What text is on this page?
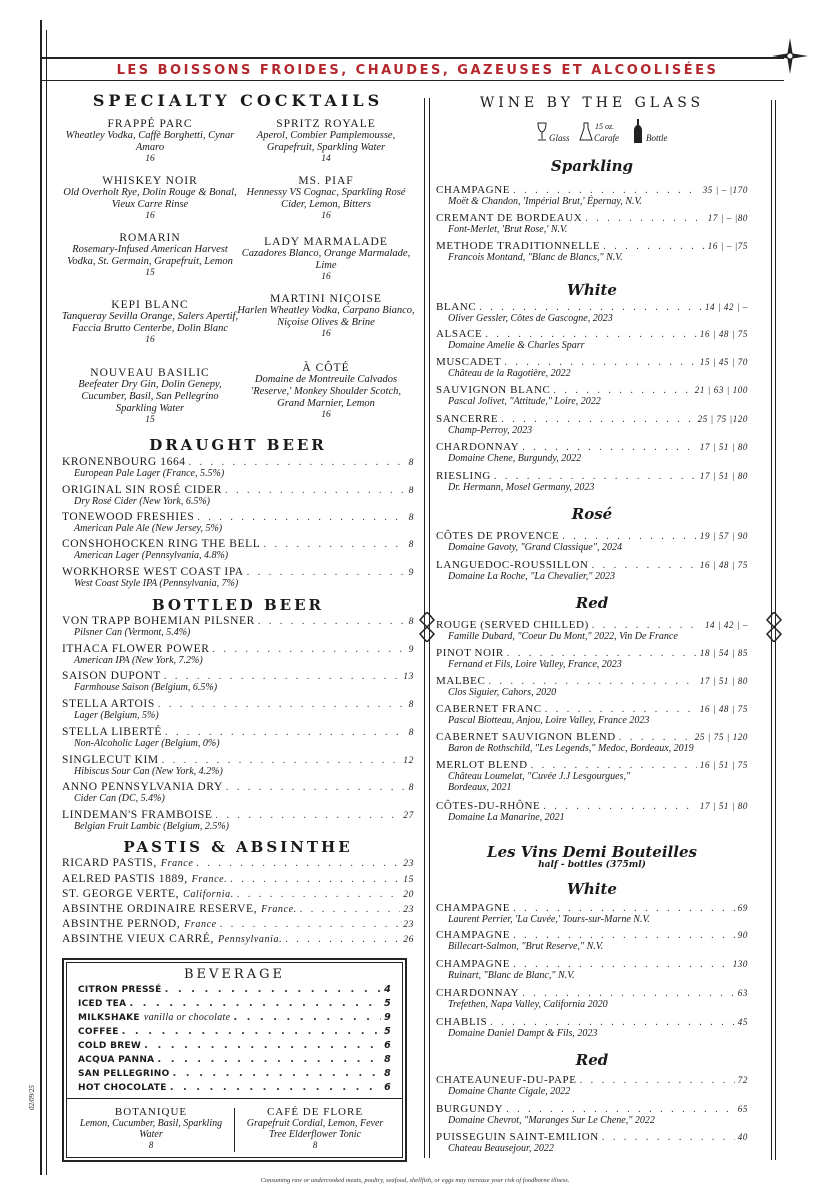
LES BOISSONS FROIDES, CHAUDES, GAZEUSES ET ALCOOLISÉES
SPECIALTY COCKTAILS
FRAPPÉ PARC
Wheatley Vodka, Caffè Borghetti, Cynar Amaro
16
WHISKEY NOIR
Old Overholt Rye, Dolin Rouge & Bonal, Vieux Carre Rinse
16
ROMARIN
Rosemary-Infused American Harvest Vodka, St. Germain, Grapefruit, Lemon
15
KEPI BLANC
Tanqueray Sevilla Orange, Salers Apertif, Faccia Brutto Centerbe, Dolin Blanc
16
NOUVEAU BASILIC
Beefeater Dry Gin, Dolin Genepy, Cucumber, Basil, San Pellegrino Sparkling Water
15
SPRITZ ROYALE
Aperol, Combier Pamplemousse, Grapefruit, Sparkling Water
14
MS. PIAF
Hennessy VS Cognac, Sparkling Rosé Cider, Lemon, Bitters
16
LADY MARMALADE
Cazadores Blanco, Orange Marmalade, Lime
16
MARTINI NIÇOISE
Harlen Wheatley Vodka, Carpano Bianco, Niçoise Olives & Brine
16
À CÔTÉ
Domaine de Montreuile Calvados 'Reserve,' Monkey Shoulder Scotch, Grand Marnier, Lemon
16
DRAUGHT BEER
KRONENBOURG 1664 . . .	8
European Pale Lager (France, 5.5%)
ORIGINAL SIN ROSÉ CIDER . . .	8
Dry Rosé Cider (New York, 6.5%)
TONEWOOD FRESHIES . . .	8
American Pale Ale (New Jersey, 5%)
CONSHOHOCKEN RING THE BELL . . .	8
American Lager (Pennsylvania, 4.8%)
WORKHORSE WEST COAST IPA . . .	9
West Coast Style IPA (Pennsylvania, 7%)
BOTTLED BEER
VON TRAPP BOHEMIAN PILSNER . . .	8
Pilsner Can (Vermont, 5.4%)
ITHACA FLOWER POWER . . .	9
American IPA (New York, 7.2%)
SAISON DUPONT . . .	13
Farmhouse Saison (Belgium, 6.5%)
STELLA ARTOIS . . .	8
Lager (Belgium, 5%)
STELLA LIBERTÉ . . .	8
Non-Alcoholic Lager (Belgium, 0%)
SINGLECUT KIM . . .	12
Hibiscus Sour Can (New York, 4.2%)
ANNO PENNSYLVANIA DRY . . .	8
Cider Can (DC, 5.4%)
LINDEMAN'S FRAMBOISE . . .	27
Belgian Fruit Lambic (Belgium, 2.5%)
PASTIS & ABSINTHE
RICARD PASTIS, France . . .	23
AELRED PASTIS 1889, France. . . .	15
ST. GEORGE VERTE, California. . . .	20
ABSINTHE ORDINAIRE RESERVE, France. . . .	23
ABSINTHE PERNOD, France . . .	23
ABSINTHE VIEUX CARRÉ, Pennsylvania. . . .	26
BEVERAGE
CITRON PRESSÉ . . .	4
ICED TEA . . .	5
MILKSHAKE vanilla or chocolate . . .	9
COFFEE . . .	5
COLD BREW . . .	6
ACQUA PANNA . . .	8
SAN PELLEGRINO . . .	8
HOT CHOCOLATE . . .	6
BOTANIQUE
Lemon, Cucumber, Basil, Sparkling Water
8
CAFÉ DE FLORE
Grapefruit Cordial, Lemon, Fever Tree Elderflower Tonic
8
02/09/25
WINE BY THE GLASS
Glass
15 oz.
Carafe	Bottle
Sparkling
CHAMPAGNE . . .	35 | – |170
Moët & Chandon, 'Impérial Brut,' Épernay, N.V.
CREMANT DE BORDEAUX . . .	17 | – |80
Font-Merlet, 'Brut Rose,' N.V.
METHODE TRADITIONNELLE . . .	16 | – |75
Francois Montand, "Blanc de Blancs," N.V.
White
BLANC . . .	14 | 42 | –
Oliver Gessler, Côtes de Gascogne, 2023
ALSACE . . .	16 | 48 | 75
Domaine Amelie & Charles Sparr
MUSCADET . . .	15 | 45 | 70
Château de la Ragotière, 2022
SAUVIGNON BLANC . . .	21 | 63 | 100
Pascal Jolivet, "Attitude," Loire, 2022
SANCERRE . . .	25 | 75 |120
Champ-Perroy, 2023
CHARDONNAY . . .	17 | 51 | 80
Domaine Chene, Burgundy, 2022
RIESLING . . .	17 | 51 | 80
Dr. Hermann, Mosel Germany, 2023
Rosé
CÔTES DE PROVENCE . . .	19 | 57 | 90
Domaine Gavoty, "Grand Classique", 2024
LANGUEDOC-ROUSSILLON . . .	16 | 48 | 75
Domaine La Roche, "La Chevalier," 2023
Red
ROUGE (SERVED CHILLED) . . .	14 | 42 | –
Famille Dubard, "Coeur Du Mont," 2022, Vin De France
PINOT NOIR . . .	18 | 54 | 85
Fernand et Fils, Loire Valley, France, 2023
MALBEC . . .	17 | 51 | 80
Clos Siguier, Cahors, 2020
CABERNET FRANC . . .	16 | 48 | 75
Pascal Biotteau, Anjou, Loire Valley, France 2023
CABERNET SAUVIGNON BLEND . . .	25 | 75 | 120
Baron de Rothschild, "Les Legends," Medoc, Bordeaux, 2019
MERLOT BLEND . . .	16 | 51 | 75
Château Loumelat, "Cuvée J.J Lesgourgues,"
Bordeaux, 2021
CÔTES-DU-RHÔNE . . .	17 | 51 | 80
Domaine La Manarine, 2021
Les Vins Demi Bouteilles
half - bottles (375ml)
White
CHAMPAGNE . . .	69
Laurent Perrier, 'La Cuvée,' Tours-sur-Marne N.V.
CHAMPAGNE . . .	90
Billecart-Salmon, "Brut Reserve," N.V.
CHAMPAGNE . . .	130
Ruinart, "Blanc de Blanc," N.V.
CHARDONNAY . . .	63
Trefethen, Napa Valley, California 2020
CHABLIS . . .	45
Domaine Daniel Dampt & Fils, 2023
Red
CHATEAUNEUF-DU-PAPE . . .	72
Domaine Chante Cigale, 2022
BURGUNDY . . .	65
Domaine Chevrot, "Maranges Sur Le Chene," 2022
PUISSEGUIN SAINT-EMILION . . .	40
Chateau Beausejour, 2022
Consuming raw or undercooked meats, poultry, seafood, shellfish, or eggs may increase your risk of foodborne illness.
